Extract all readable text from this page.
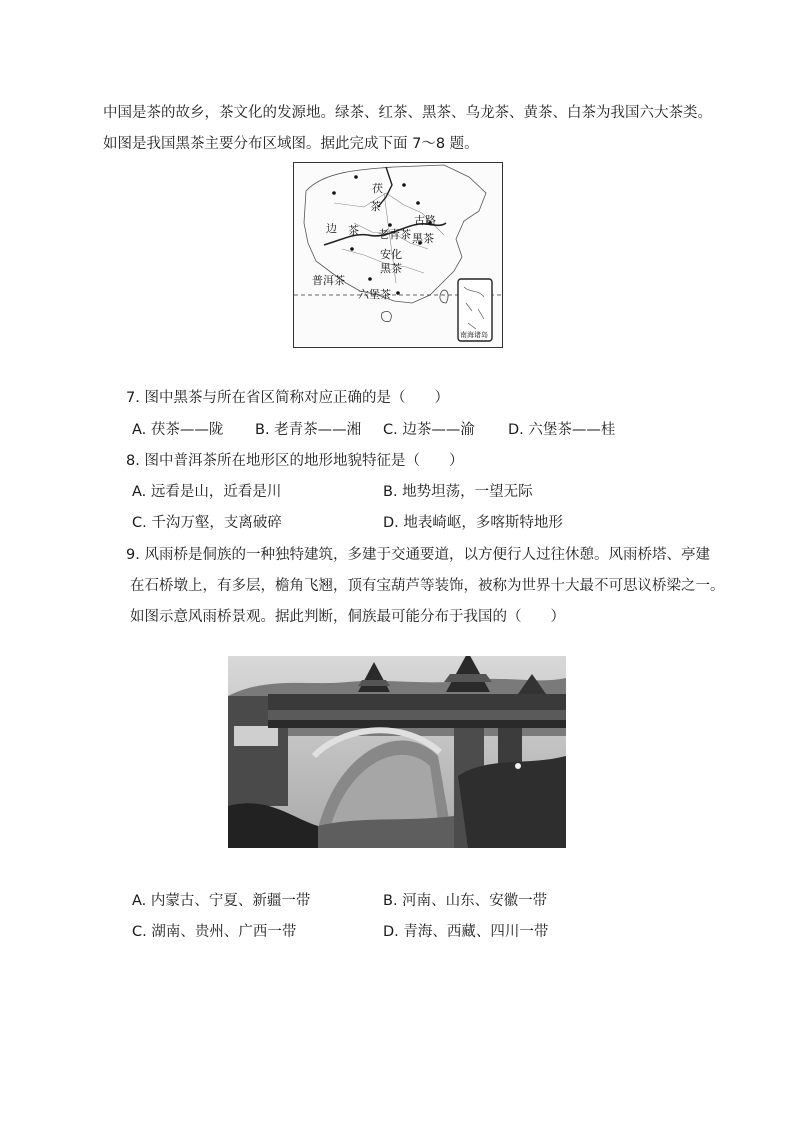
中国是茶的故乡，茶文化的发源地。绿茶、红茶、黑茶、乌龙茶、黄茶、白茶为我国六大茶类。
如图是我国黑茶主要分布区域图。据此完成下面 7～8 题。
茯
茶
边 茶 老青茶
古路
黑茶
安化
黑茶
普洱茶
六堡茶
南海诸岛
7. 图中黑茶与所在省区简称对应正确的是（　　）
A. 茯茶——陇 B. 老青茶——湘 C. 边茶——渝 D. 六堡茶——桂
8. 图中普洱茶所在地形区的地形地貌特征是（　　）
A. 远看是山，近看是川	B. 地势坦荡，一望无际
C. 千沟万壑，支离破碎	D. 地表崎岖，多喀斯特地形
9. 风雨桥是侗族的一种独特建筑，多建于交通要道，以方便行人过往休憩。风雨桥塔、亭建
在石桥墩上，有多层，檐角飞翘，顶有宝葫芦等装饰，被称为世界十大最不可思议桥梁之一。
如图示意风雨桥景观。据此判断，侗族最可能分布于我国的（　　）
A. 内蒙古、宁夏、新疆一带	B. 河南、山东、安徽一带
C. 湖南、贵州、广西一带	D. 青海、西藏、四川一带
